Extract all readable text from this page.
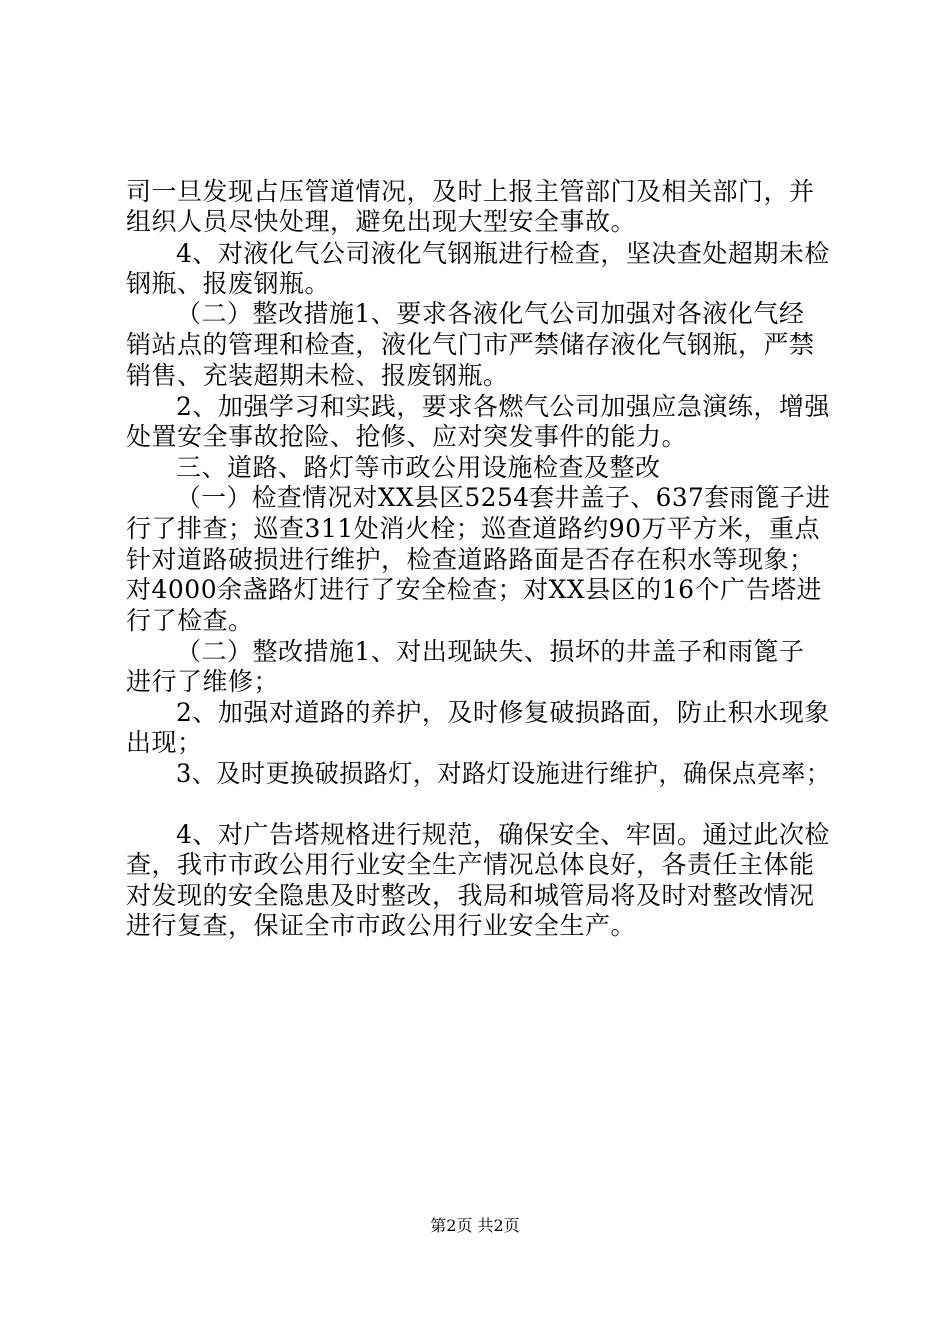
司一旦发现占压管道情况，及时上报主管部门及相关部门，并
组织人员尽快处理，避免出现大型安全事故。
4、对液化气公司液化气钢瓶进行检查，坚决查处超期未检
钢瓶、报废钢瓶。
（二）整改措施1、要求各液化气公司加强对各液化气经
销站点的管理和检查，液化气门市严禁储存液化气钢瓶，严禁
销售、充装超期未检、报废钢瓶。
2、加强学习和实践，要求各燃气公司加强应急演练，增强
处置安全事故抢险、抢修、应对突发事件的能力。
三、道路、路灯等市政公用设施检查及整改
（一）检查情况对XX县区5254套井盖子、637套雨篦子进
行了排查；巡查311处消火栓；巡查道路约90万平方米，重点
针对道路破损进行维护，检查道路路面是否存在积水等现象；
对4000余盏路灯进行了安全检查；对XX县区的16个广告塔进
行了检查。
（二）整改措施1、对出现缺失、损坏的井盖子和雨篦子
进行了维修；
2、加强对道路的养护，及时修复破损路面，防止积水现象
出现；
3、及时更换破损路灯，对路灯设施进行维护，确保点亮率；
4、对广告塔规格进行规范，确保安全、牢固。通过此次检
查，我市市政公用行业安全生产情况总体良好，各责任主体能
对发现的安全隐患及时整改，我局和城管局将及时对整改情况
进行复查，保证全市市政公用行业安全生产。
第2页 共2页
